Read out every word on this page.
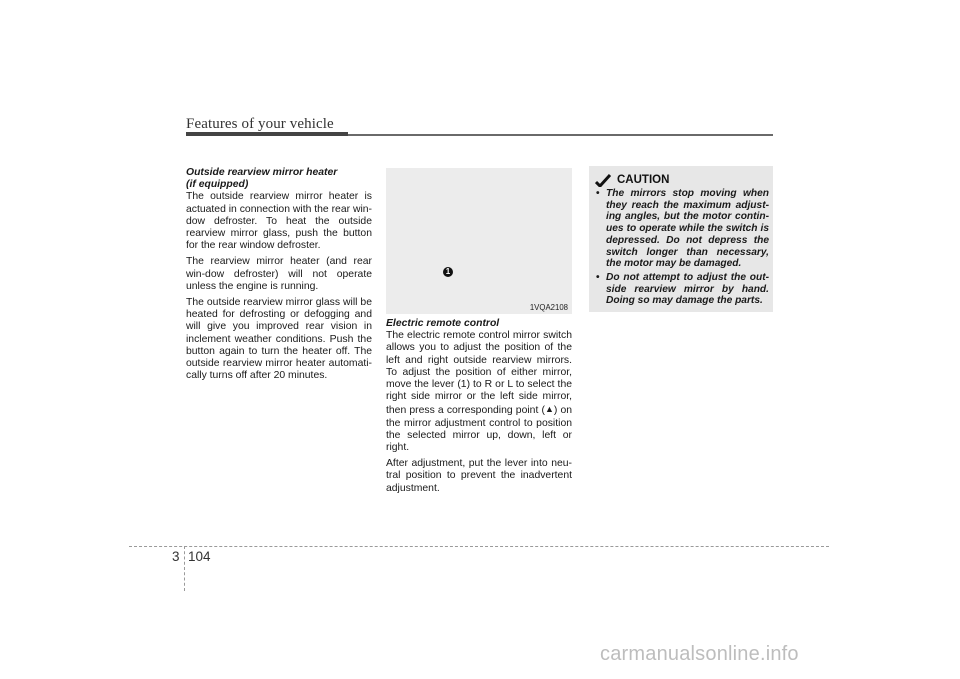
Features of your vehicle
Outside rearview mirror heater
(if equipped)

The outside rearview mirror heater is actuated in connection with the rear win-dow defroster. To heat the outside rearview mirror glass, push the button for the rear window defroster.

The rearview mirror heater (and rear win-dow defroster) will not operate unless the engine is running.

The outside rearview mirror glass will be heated for defrosting or defogging and will give you improved rear vision in inclement weather conditions. Push the button again to turn the heater off. The outside rearview mirror heater automati-cally turns off after 20 minutes.

1
1VQA2108
Electric remote control

The electric remote control mirror switch allows you to adjust the position of the left and right outside rearview mirrors. To adjust the position of either mirror, move the lever (1) to R or L to select the right side mirror or the left side mirror, then press a corresponding point (▲) on the mirror adjustment control to position the selected mirror up, down, left or right.

After adjustment, put the lever into neu-tral position to prevent the inadvertent adjustment.

CAUTION
• The mirrors stop moving when they reach the maximum adjust-ing angles, but the motor contin-ues to operate while the switch is depressed. Do not depress the switch longer than necessary, the motor may be damaged.
• Do not attempt to adjust the out-side rearview mirror by hand. Doing so may damage the parts.
3 104
carmanualsonline.info
